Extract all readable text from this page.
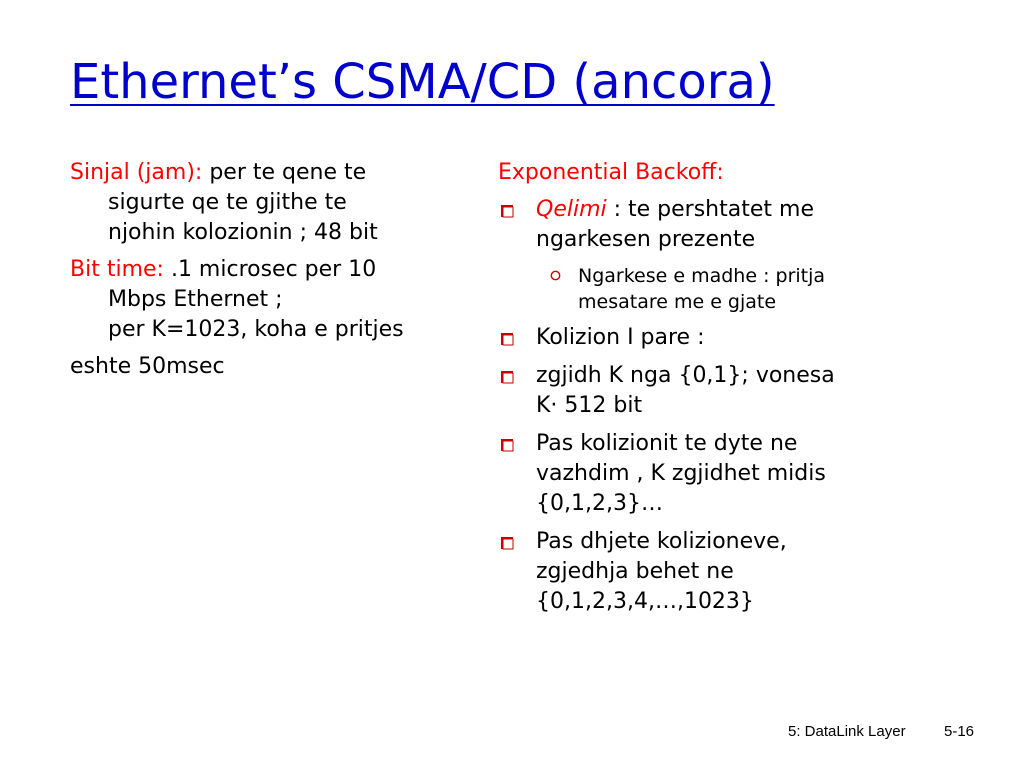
Ethernet’s CSMA/CD (ancora)

Sinjal (jam): per te qene te
sigurte qe te gjithe te
njohin kolozionin ; 48 bit

Bit time: .1 microsec per 10
Mbps Ethernet ;
per K=1023, koha e pritjes

eshte 50msec

Exponential Backoff:
Qelimi : te pershtatet me
ngarkesen prezente
Ngarkese e madhe : pritja
mesatare me e gjate
Kolizion I pare :
zgjidh K nga {0,1}; vonesa
K· 512 bit
Pas kolizionit te dyte ne
vazhdim , K zgjidhet midis
{0,1,2,3}…
Pas dhjete kolizioneve,
zgjedhja behet ne
{0,1,2,3,4,…,1023}
5: DataLink Layer	5-16
